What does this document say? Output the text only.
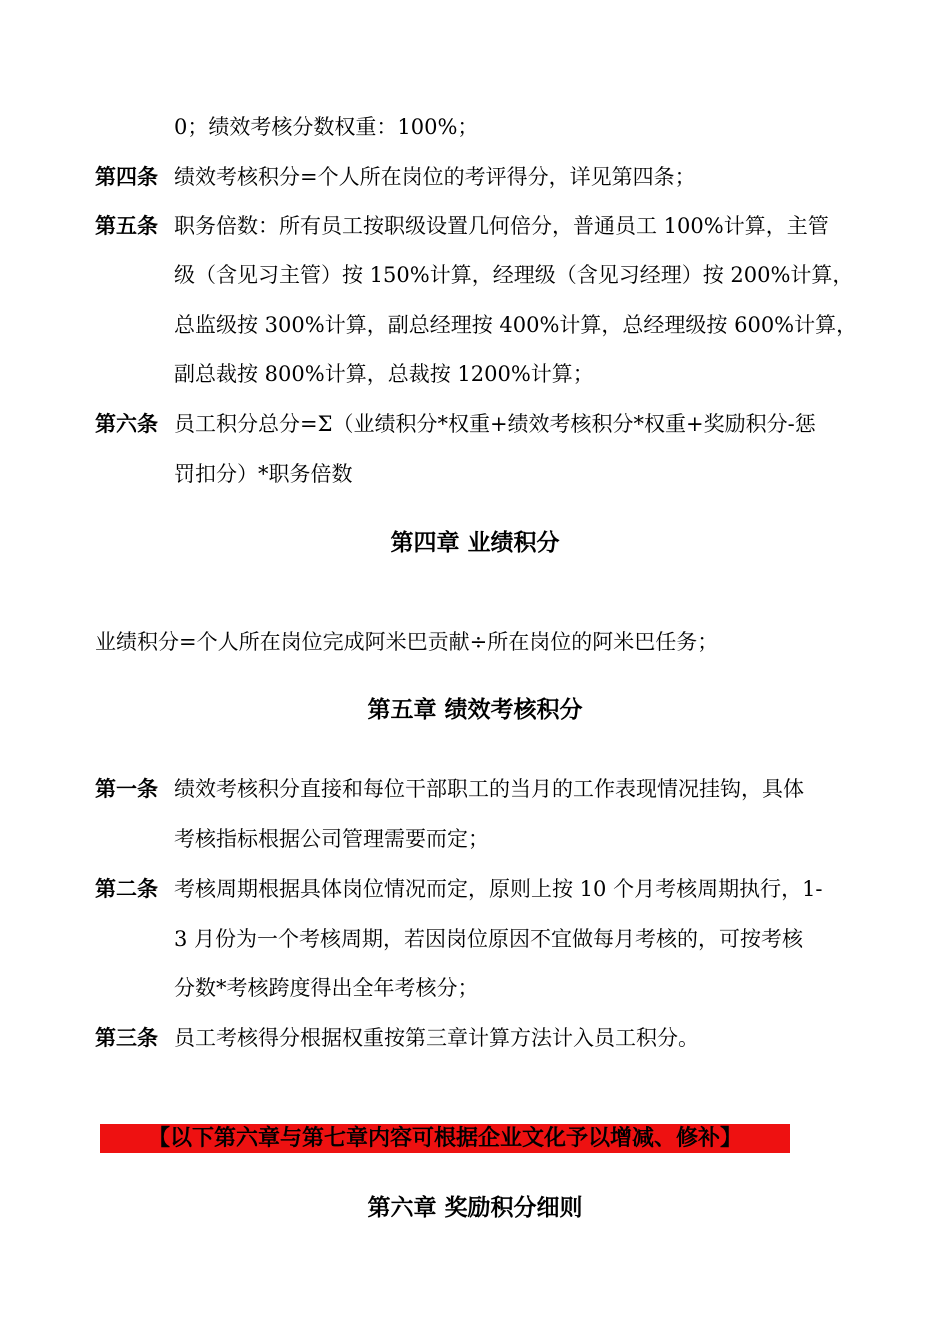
0；绩效考核分数权重：100%；
第四条 绩效考核积分=个人所在岗位的考评得分，详见第四条；
第五条 职务倍数：所有员工按职级设置几何倍分，普通员工 100%计算，主管
级（含见习主管）按 150%计算，经理级（含见习经理）按 200%计算，
总监级按 300%计算，副总经理按 400%计算，总经理级按 600%计算，
副总裁按 800%计算，总裁按 1200%计算；
第六条 员工积分总分=Σ（业绩积分*权重+绩效考核积分*权重+奖励积分-惩
罚扣分）*职务倍数
第四章 业绩积分
业绩积分=个人所在岗位完成阿米巴贡献÷所在岗位的阿米巴任务；
第五章 绩效考核积分
第一条 绩效考核积分直接和每位干部职工的当月的工作表现情况挂钩，具体
考核指标根据公司管理需要而定；
第二条 考核周期根据具体岗位情况而定，原则上按 10 个月考核周期执行，1-
3 月份为一个考核周期，若因岗位原因不宜做每月考核的，可按考核
分数*考核跨度得出全年考核分；
第三条 员工考核得分根据权重按第三章计算方法计入员工积分。
【以下第六章与第七章内容可根据企业文化予以增减、修补】
第六章 奖励积分细则
